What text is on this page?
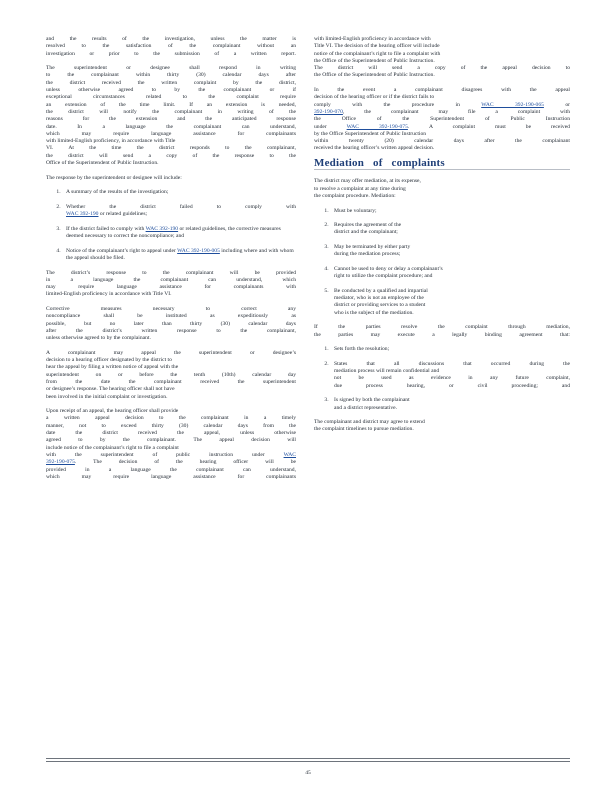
and the results of the investigation, unless the matter is
resolved to the satisfaction of the complainant without an
investigation or prior to the submission of a written report.
The superintendent or designee shall respond in writing
to the complainant within thirty (30) calendar days after
the district received the written complaint by the district,
unless otherwise agreed to by the complainant or if
exceptional circumstances related to the complaint require
an extension of the time limit. If an extension is needed,
the district will notify the complainant in writing of the
reasons for the extension and the anticipated response
date. In a language the complainant can understand,
which may require language assistance for complainants
with limited-English proficiency, in accordance with Title
VI. At the time the district responds to the complainant,
the district will send a copy of the response to the
Office of the Superintendent of Public Instruction.
The response by the superintendent or designee will include:
1. A summary of the results of the investigation;
2. Whether the district failed to comply with
WAC 392-190 or related guidelines;
3. If the district failed to comply with WAC 392-190 or related guidelines, the corrective measures deemed necessary to correct the noncompliance; and
4. Notice of the complainant’s right to appeal under WAC 392-190-005 including where and with whom the appeal should be filed.
The district’s response to the complainant will be provided
in a language the complainant can understand, which
may require language assistance for complainants with
limited-English proficiency in accordance with Title VI.
Corrective measures necessary to correct any
noncompliance shall be instituted as expeditiously as
possible, but no later than thirty (30) calendar days
after the district’s written response to the complainant,
unless otherwise agreed to by the complainant.
A complainant may appeal the superintendent or designee’s
decision to a hearing officer designated by the district to
hear the appeal by filing a written notice of appeal with the
superintendent on or before the tenth (10th) calendar day
from the date the complainant received the superintendent
or designee’s response. The hearing officer shall not have
been involved in the initial complaint or investigation.
Upon receipt of an appeal, the hearing officer shall provide
a written appeal decision to the complainant in a timely
manner, not to exceed thirty (30) calendar days from the
date the district received the appeal, unless otherwise
agreed to by the complainant. The appeal decision will
include notice of the complainant’s right to file a complaint
with the superintendent of public instruction under	WAC
392-190-075. The decision of the hearing officer will be
provided in a language the complainant can understand,
which may require language assistance for complainants
with limited-English proficiency in accordance with
Title VI. The decision of the hearing officer will include
notice of the complainant’s right to file a complaint with
the Office of the Superintendent of Public Instruction.
The district will send a copy of the appeal decision to
the Office of the Superintendent of Public Instruction.
In the event a complainant disagrees with the appeal
decision of the hearing officer or if the district fails to
comply with the procedure in	WAC 392-190-065	or
392-190-070, the complainant may file a complaint with
the Office of the Superintendent of Public Instruction
under	WAC 392-190-075. A complaint must be received
by the Office Superintendent of Public Instruction
within twenty (20) calendar days after the complainant
received the hearing officer’s written appeal decision.
Mediation of complaints
The district may offer mediation, at its expense,
to resolve a complaint at any time during
the complaint procedure. Mediation:
1. Must be voluntary;
2. Requires the agreement of the
district and the complainant;
3. May be terminated by either party
during the mediation process;
4. Cannot be used to deny or delay a complainant’s
right to utilize the complaint procedure; and
5. Be conducted by a qualified and impartial
mediator, who is not an employee of the
district or providing services to a student
who is the subject of the mediation.
If the parties resolve the complaint through mediation,
the parties may execute a legally binding agreement that:
1. Sets forth the resolution;
2. States that all discussions that occurred during the
mediation process will remain confidential and
not be used as evidence in any future complaint,
due process hearing, or civil proceeding; and
3. Is signed by both the complainant
and a district representative.
The complainant and district may agree to extend
the complaint timelines to pursue mediation.
45
